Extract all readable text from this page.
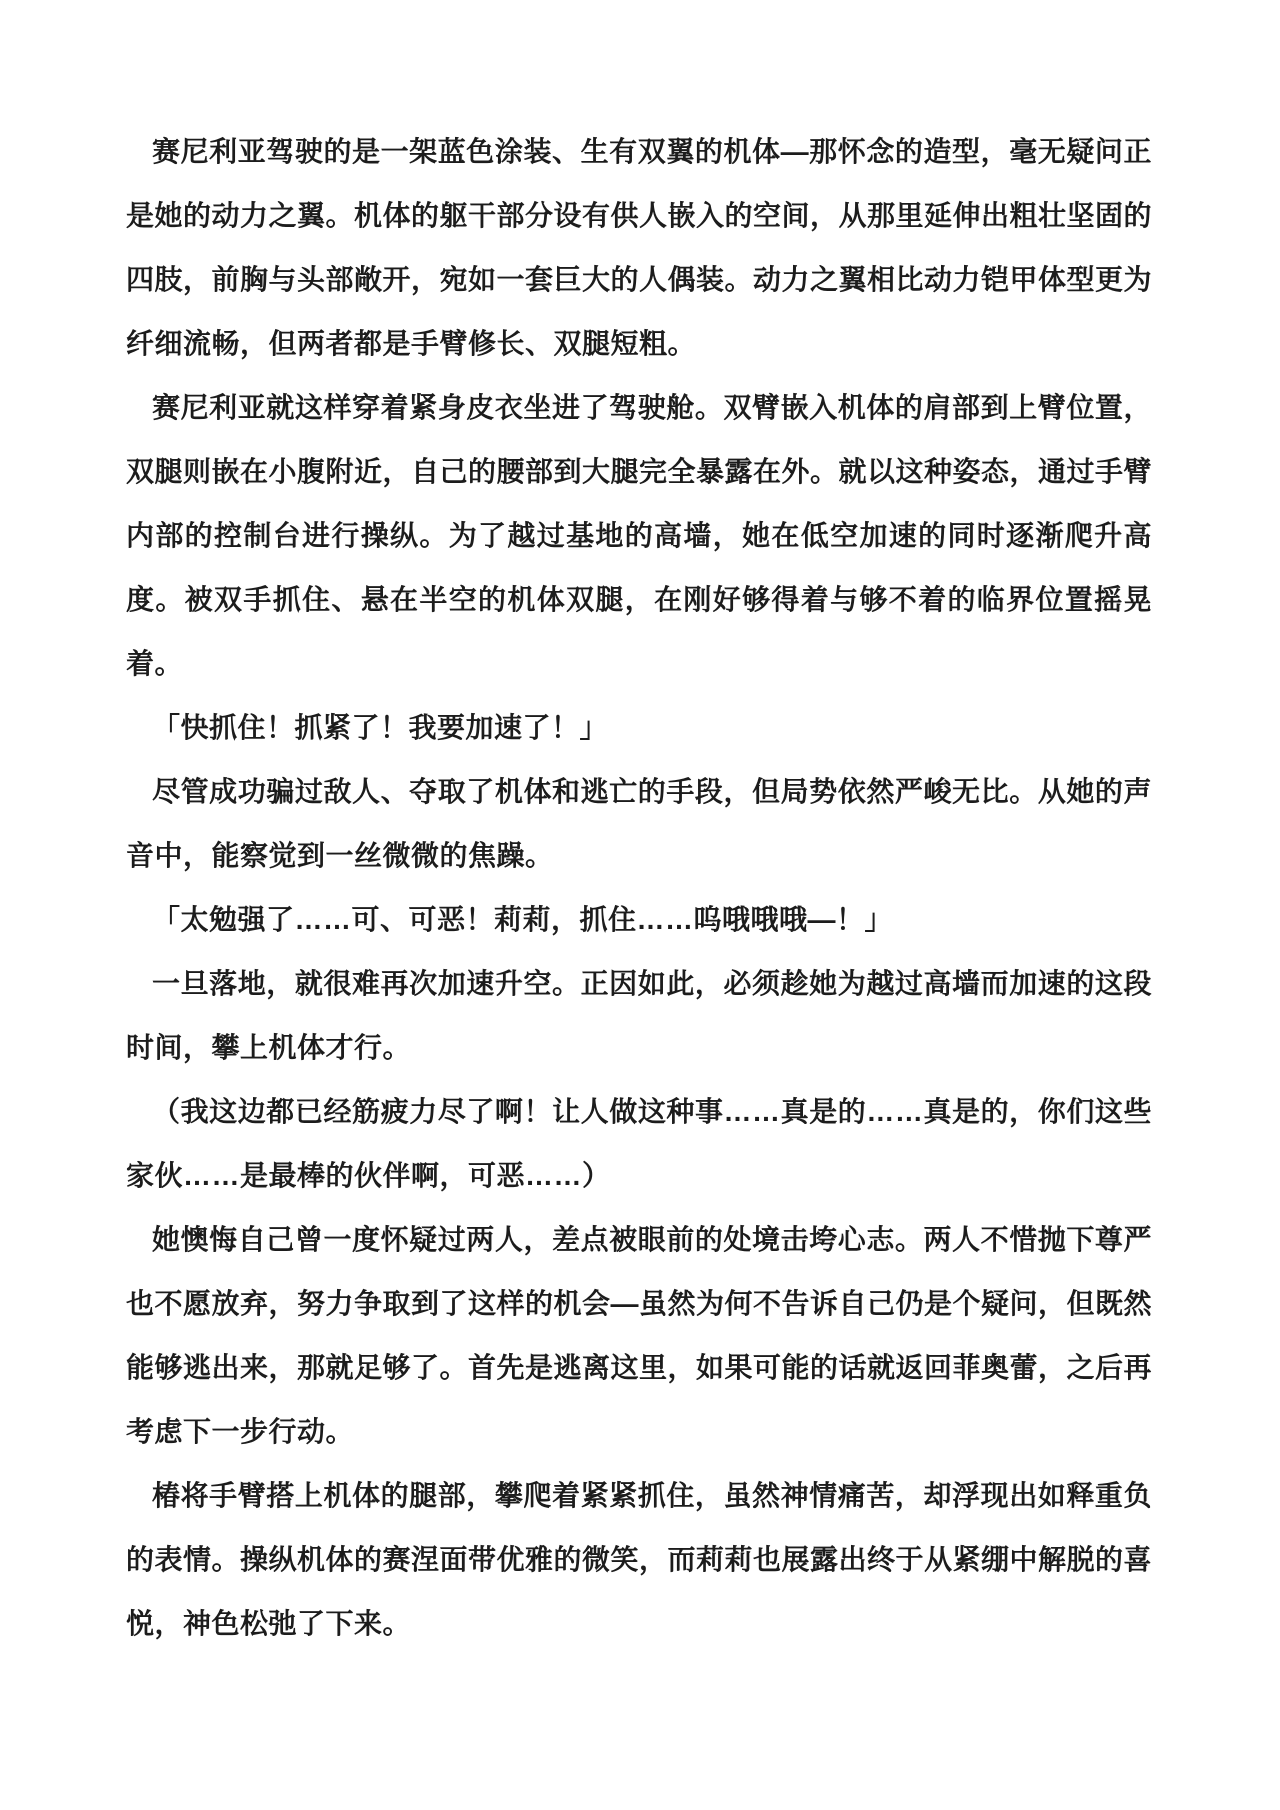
赛尼利亚驾驶的是一架蓝色涂装、生有双翼的机体—那怀念的造型，毫无疑问正是她的动力之翼。机体的躯干部分设有供人嵌入的空间，从那里延伸出粗壮坚固的四肢，前胸与头部敞开，宛如一套巨大的人偶装。动力之翼相比动力铠甲体型更为纤细流畅，但两者都是手臂修长、双腿短粗。

赛尼利亚就这样穿着紧身皮衣坐进了驾驶舱。双臂嵌入机体的肩部到上臂位置，双腿则嵌在小腹附近，自己的腰部到大腿完全暴露在外。就以这种姿态，通过手臂内部的控制台进行操纵。为了越过基地的高墙，她在低空加速的同时逐渐爬升高度。被双手抓住、悬在半空的机体双腿，在刚好够得着与够不着的临界位置摇晃着。

「快抓住！抓紧了！我要加速了！」

尽管成功骗过敌人、夺取了机体和逃亡的手段，但局势依然严峻无比。从她的声音中，能察觉到一丝微微的焦躁。

「太勉强了……可、可恶！莉莉，抓住……呜哦哦哦—！」

一旦落地，就很难再次加速升空。正因如此，必须趁她为越过高墙而加速的这段时间，攀上机体才行。

（我这边都已经筋疲力尽了啊！让人做这种事……真是的……真是的，你们这些家伙……是最棒的伙伴啊，可恶……）

她懊悔自己曾一度怀疑过两人，差点被眼前的处境击垮心志。两人不惜抛下尊严也不愿放弃，努力争取到了这样的机会—虽然为何不告诉自己仍是个疑问，但既然能够逃出来，那就足够了。首先是逃离这里，如果可能的话就返回菲奥蕾，之后再考虑下一步行动。

椿将手臂搭上机体的腿部，攀爬着紧紧抓住，虽然神情痛苦，却浮现出如释重负的表情。操纵机体的赛涅面带优雅的微笑，而莉莉也展露出终于从紧绷中解脱的喜悦，神色松弛了下来。
